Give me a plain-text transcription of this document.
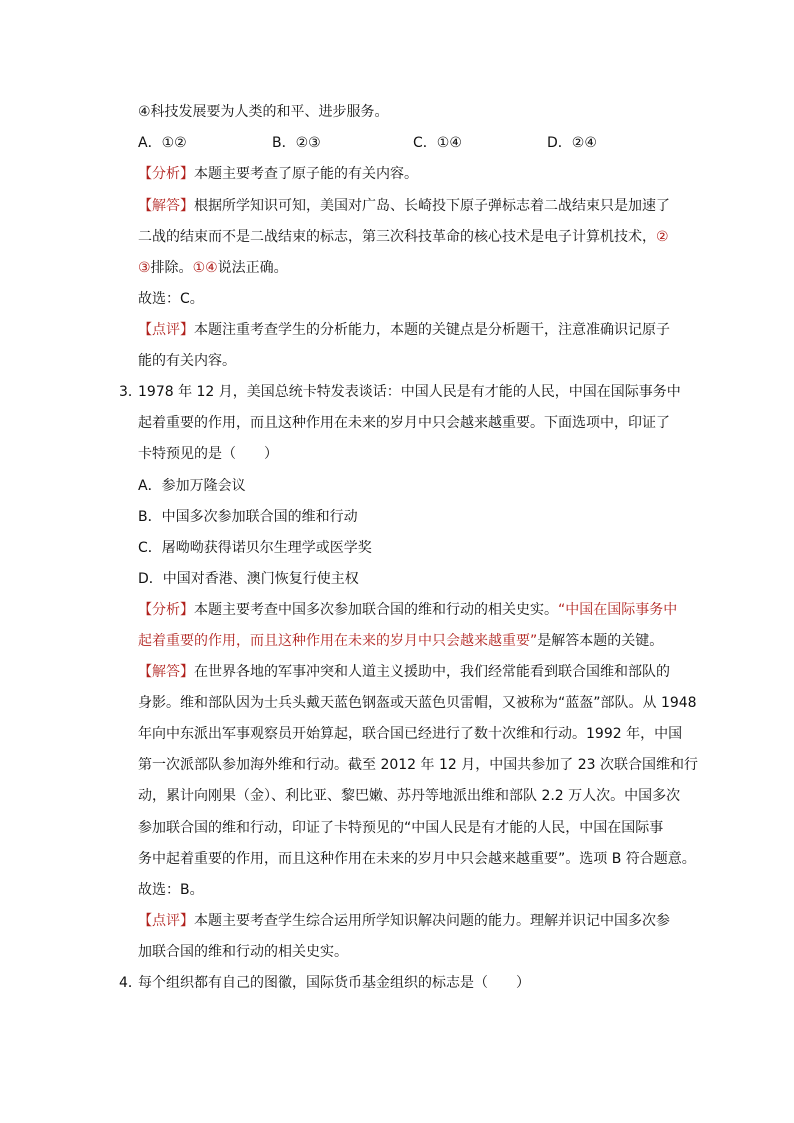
④科技发展要为人类的和平、进步服务。
A．①②	B．②③	C．①④	D．②④
【分析】本题主要考查了原子能的有关内容。
【解答】根据所学知识可知，美国对广岛、长崎投下原子弹标志着二战结束只是加速了
二战的结束而不是二战结束的标志，第三次科技革命的核心技术是电子计算机技术，②
③排除。①④说法正确。
故选：C。
【点评】本题注重考查学生的分析能力，本题的关键点是分析题干，注意准确识记原子
能的有关内容。
3．
1978 年 12 月，美国总统卡特发表谈话：中国人民是有才能的人民，中国在国际事务中
起着重要的作用，而且这种作用在未来的岁月中只会越来越重要。下面选项中，印证了
卡特预见的是（　　）
A．参加万隆会议
B．中国多次参加联合国的维和行动
C．屠呦呦获得诺贝尔生理学或医学奖
D．中国对香港、澳门恢复行使主权
【分析】本题主要考查中国多次参加联合国的维和行动的相关史实。“中国在国际事务中
起着重要的作用，而且这种作用在未来的岁月中只会越来越重要”是解答本题的关键。
【解答】在世界各地的军事冲突和人道主义援助中，我们经常能看到联合国维和部队的
身影。维和部队因为士兵头戴天蓝色钢盔或天蓝色贝雷帽，又被称为“蓝盔”部队。从 1948
年向中东派出军事观察员开始算起，联合国已经进行了数十次维和行动。1992 年，中国
第一次派部队参加海外维和行动。截至 2012 年 12 月，中国共参加了 23 次联合国维和行
动，累计向刚果（金）、利比亚、黎巴嫩、苏丹等地派出维和部队 2.2 万人次。中国多次
参加联合国的维和行动，印证了卡特预见的“中国人民是有才能的人民，中国在国际事
务中起着重要的作用，而且这种作用在未来的岁月中只会越来越重要”。选项 B 符合题意。
故选：B。
【点评】本题主要考查学生综合运用所学知识解决问题的能力。理解并识记中国多次参
加联合国的维和行动的相关史实。
4．
每个组织都有自己的图徽，国际货币基金组织的标志是（　　）
